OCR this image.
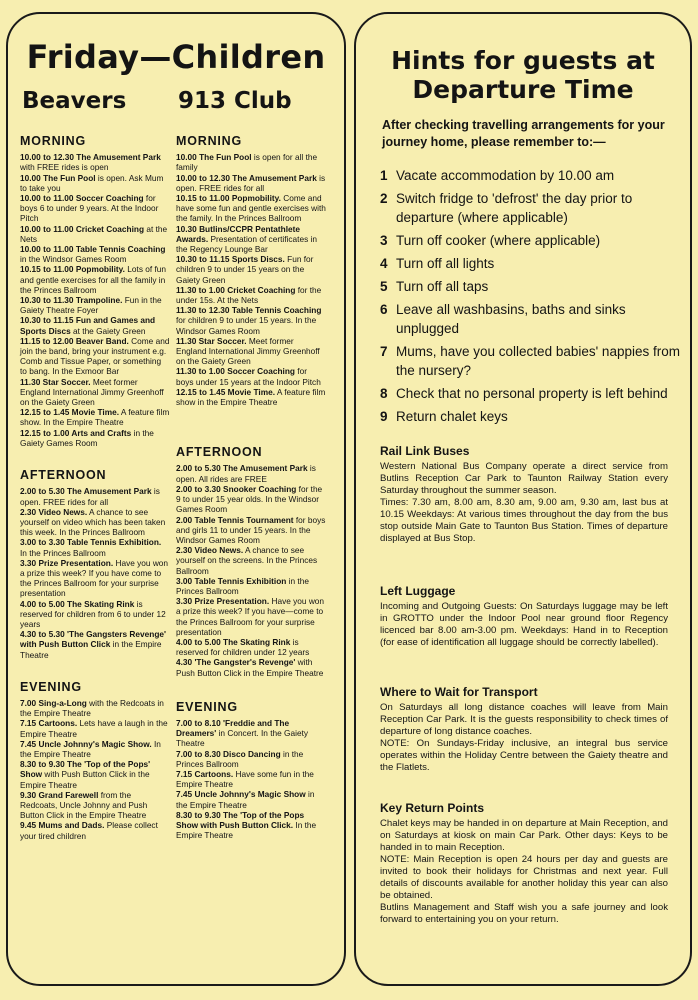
Friday—Children
Beavers 913 Club
MORNING
10.00 to 12.30 The Amusement Park with FREE rides is open
10.00 The Fun Pool is open. Ask Mum to take you
10.00 to 11.00 Soccer Coaching for boys 6 to under 9 years. At the Indoor Pitch
10.00 to 11.00 Cricket Coaching at the Nets
10.00 to 11.00 Table Tennis Coaching in the Windsor Games Room
10.15 to 11.00 Popmobility. Lots of fun and gentle exercises for all the family in the Princes Ballroom
10.30 to 11.30 Trampoline. Fun in the Gaiety Theatre Foyer
10.30 to 11.15 Fun and Games and Sports Discs at the Gaiety Green
11.15 to 12.00 Beaver Band. Come and join the band, bring your instrument e.g. Comb and Tissue Paper, or something to bang. In the Exmoor Bar
11.30 Star Soccer. Meet former England International Jimmy Greenhoff on the Gaiety Green
12.15 to 1.45 Movie Time. A feature film show. In the Empire Theatre
12.15 to 1.00 Arts and Crafts in the Gaiety Games Room
AFTERNOON
2.00 to 5.30 The Amusement Park is open. FREE rides for all
2.30 Video News. A chance to see yourself on video which has been taken this week. In the Princes Ballroom
3.00 to 3.30 Table Tennis Exhibition. In the Princes Ballroom
3.30 Prize Presentation. Have you won a prize this week? If you have come to the Princes Ballroom for your surprise presentation
4.00 to 5.00 The Skating Rink is reserved for children from 6 to under 12 years
4.30 to 5.30 'The Gangsters Revenge' with Push Button Click in the Empire Theatre
EVENING
7.00 Sing-a-Long with the Redcoats in the Empire Theatre
7.15 Cartoons. Lets have a laugh in the Empire Theatre
7.45 Uncle Johnny's Magic Show. In the Empire Theatre
8.30 to 9.30 The 'Top of the Pops' Show with Push Button Click in the Empire Theatre
9.30 Grand Farewell from the Redcoats, Uncle Johnny and Push Button Click in the Empire Theatre
9.45 Mums and Dads. Please collect your tired children
MORNING
10.00 The Fun Pool is open for all the family
10.00 to 12.30 The Amusement Park is open. FREE rides for all
10.15 to 11.00 Popmobility. Come and have some fun and gentle exercises with the family. In the Princes Ballroom
10.30 Butlins/CCPR Pentathlete Awards. Presentation of certificates in the Regency Lounge Bar
10.30 to 11.15 Sports Discs. Fun for children 9 to under 15 years on the Gaiety Green
11.30 to 1.00 Cricket Coaching for the under 15s. At the Nets
11.30 to 12.30 Table Tennis Coaching for children 9 to under 15 years. In the Windsor Games Room
11.30 Star Soccer. Meet former England International Jimmy Greenhoff on the Gaiety Green
11.30 to 1.00 Soccer Coaching for boys under 15 years at the Indoor Pitch
12.15 to 1.45 Movie Time. A feature film show in the Empire Theatre
AFTERNOON
2.00 to 5.30 The Amusement Park is open. All rides are FREE
2.00 to 3.30 Snooker Coaching for the 9 to under 15 year olds. In the Windsor Games Room
2.00 Table Tennis Tournament for boys and girls 11 to under 15 years. In the Windsor Games Room
2.30 Video News. A chance to see yourself on the screens. In the Princes Ballroom
3.00 Table Tennis Exhibition in the Princes Ballroom
3.30 Prize Presentation. Have you won a prize this week? If you have—come to the Princes Ballroom for your surprise presentation
4.00 to 5.00 The Skating Rink is reserved for children under 12 years
4.30 'The Gangster's Revenge' with Push Button Click in the Empire Theatre
EVENING
7.00 to 8.10 'Freddie and The Dreamers' in Concert. In the Gaiety Theatre
7.00 to 8.30 Disco Dancing in the Princes Ballroom
7.15 Cartoons. Have some fun in the Empire Theatre
7.45 Uncle Johnny's Magic Show in the Empire Theatre
8.30 to 9.30 The 'Top of the Pops Show with Push Button Click. In the Empire Theatre
Hints for guests at
Departure Time
After checking travelling arrangements for your journey home, please remember to:—
1 Vacate accommodation by 10.00 am
2 Switch fridge to 'defrost' the day prior to departure (where applicable)
3 Turn off cooker (where applicable)
4 Turn off all lights
5 Turn off all taps
6 Leave all washbasins, baths and sinks unplugged
7 Mums, have you collected babies' nappies from the nursery?
8 Check that no personal property is left behind
9 Return chalet keys
Rail Link Buses

Western National Bus Company operate a direct service from Butlins Reception Car Park to Taunton Railway Station every Saturday throughout the summer season.

Times: 7.30 am, 8.00 am, 8.30 am, 9.00 am, 9.30 am, last bus at 10.15 Weekdays: At various times throughout the day from the bus stop outside Main Gate to Taunton Bus Station. Times of departure displayed at Bus Stop.

Left Luggage

Incoming and Outgoing Guests: On Saturdays luggage may be left in GROTTO under the Indoor Pool near ground floor Regency licenced bar 8.00 am-3.00 pm. Weekdays: Hand in to Reception (for ease of identification all luggage should be correctly labelled).

Where to Wait for Transport

On Saturdays all long distance coaches will leave from Main Reception Car Park. It is the guests responsibility to check times of departure of long distance coaches.

NOTE: On Sundays-Friday inclusive, an integral bus service operates within the Holiday Centre between the Gaiety theatre and the Flatlets.

Key Return Points

Chalet keys may be handed in on departure at Main Reception, and on Saturdays at kiosk on main Car Park. Other days: Keys to be handed in to main Reception.

NOTE: Main Reception is open 24 hours per day and guests are invited to book their holidays for Christmas and next year. Full details of discounts available for another holiday this year can also be obtained.

Butlins Management and Staff wish you a safe journey and look forward to entertaining you on your return.
